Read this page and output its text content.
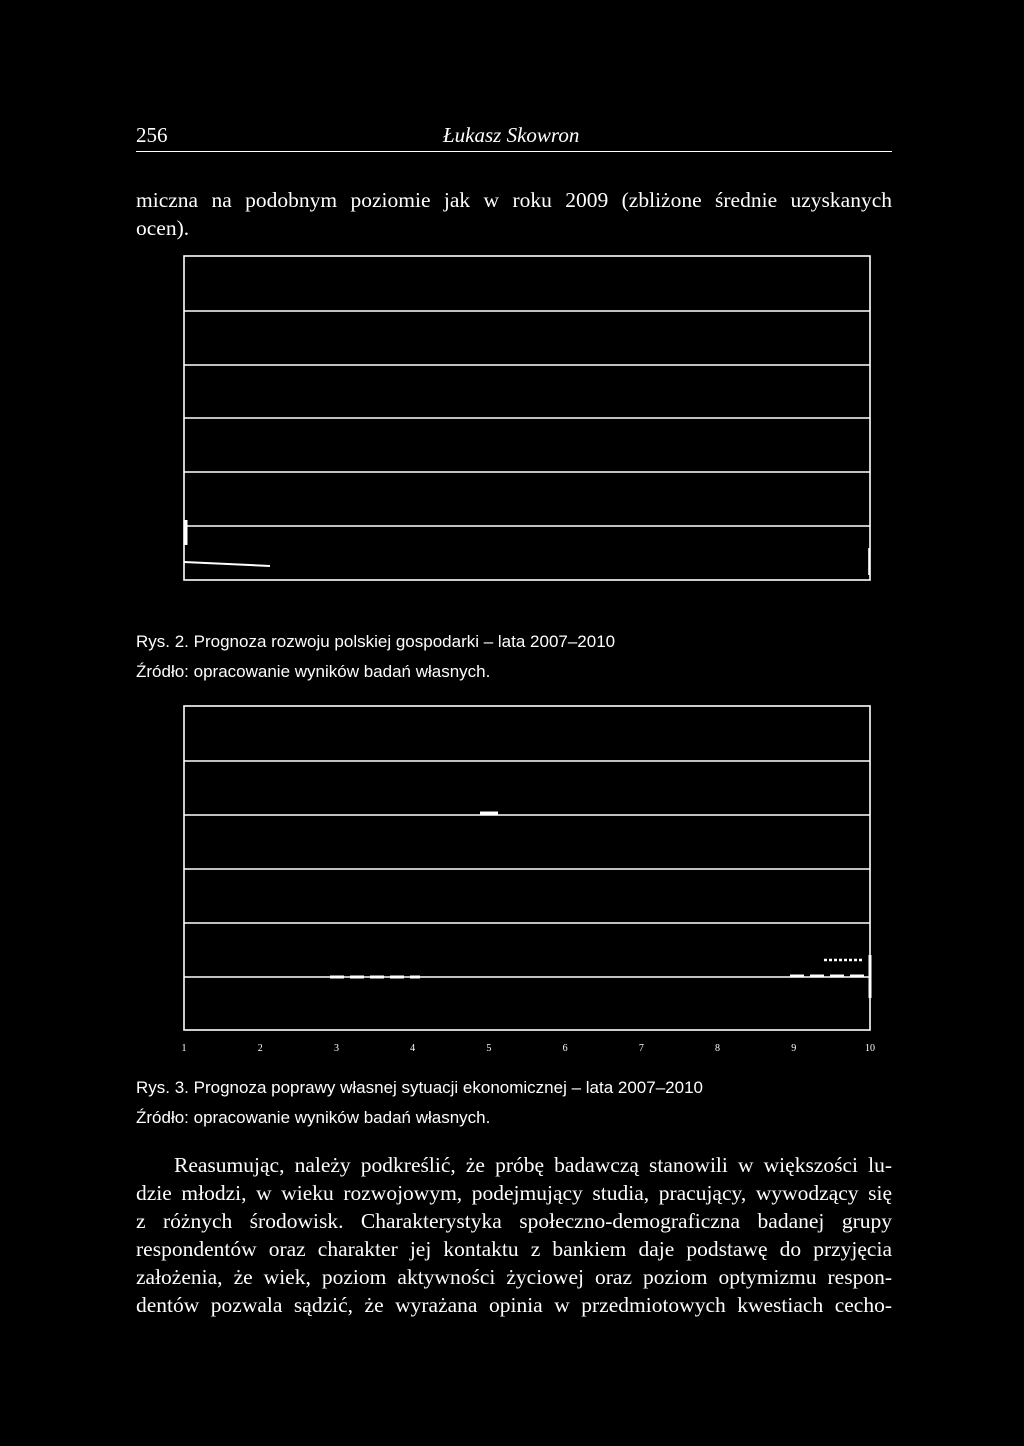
256	Łukasz Skowron
miczna na podobnym poziomie jak w roku 2009 (zbliżone średnie uzyskanych
ocen).
1	2	3	4	5	6	7	8	9	10
Rys. 2. Prognoza rozwoju polskiej gospodarki – lata 2007–2010
Źródło: opracowanie wyników badań własnych.
Rys. 3. Prognoza poprawy własnej sytuacji ekonomicznej – lata 2007–2010
Źródło: opracowanie wyników badań własnych.
Reasumując, należy podkreślić, że próbę badawczą stanowili w większości lu-
dzie młodzi, w wieku rozwojowym, podejmujący studia, pracujący, wywodzący się
z różnych środowisk. Charakterystyka społeczno-demograficzna badanej grupy
respondentów oraz charakter jej kontaktu z bankiem daje podstawę do przyjęcia
założenia, że wiek, poziom aktywności życiowej oraz poziom optymizmu respon-
dentów pozwala sądzić, że wyrażana opinia w przedmiotowych kwestiach cecho-
